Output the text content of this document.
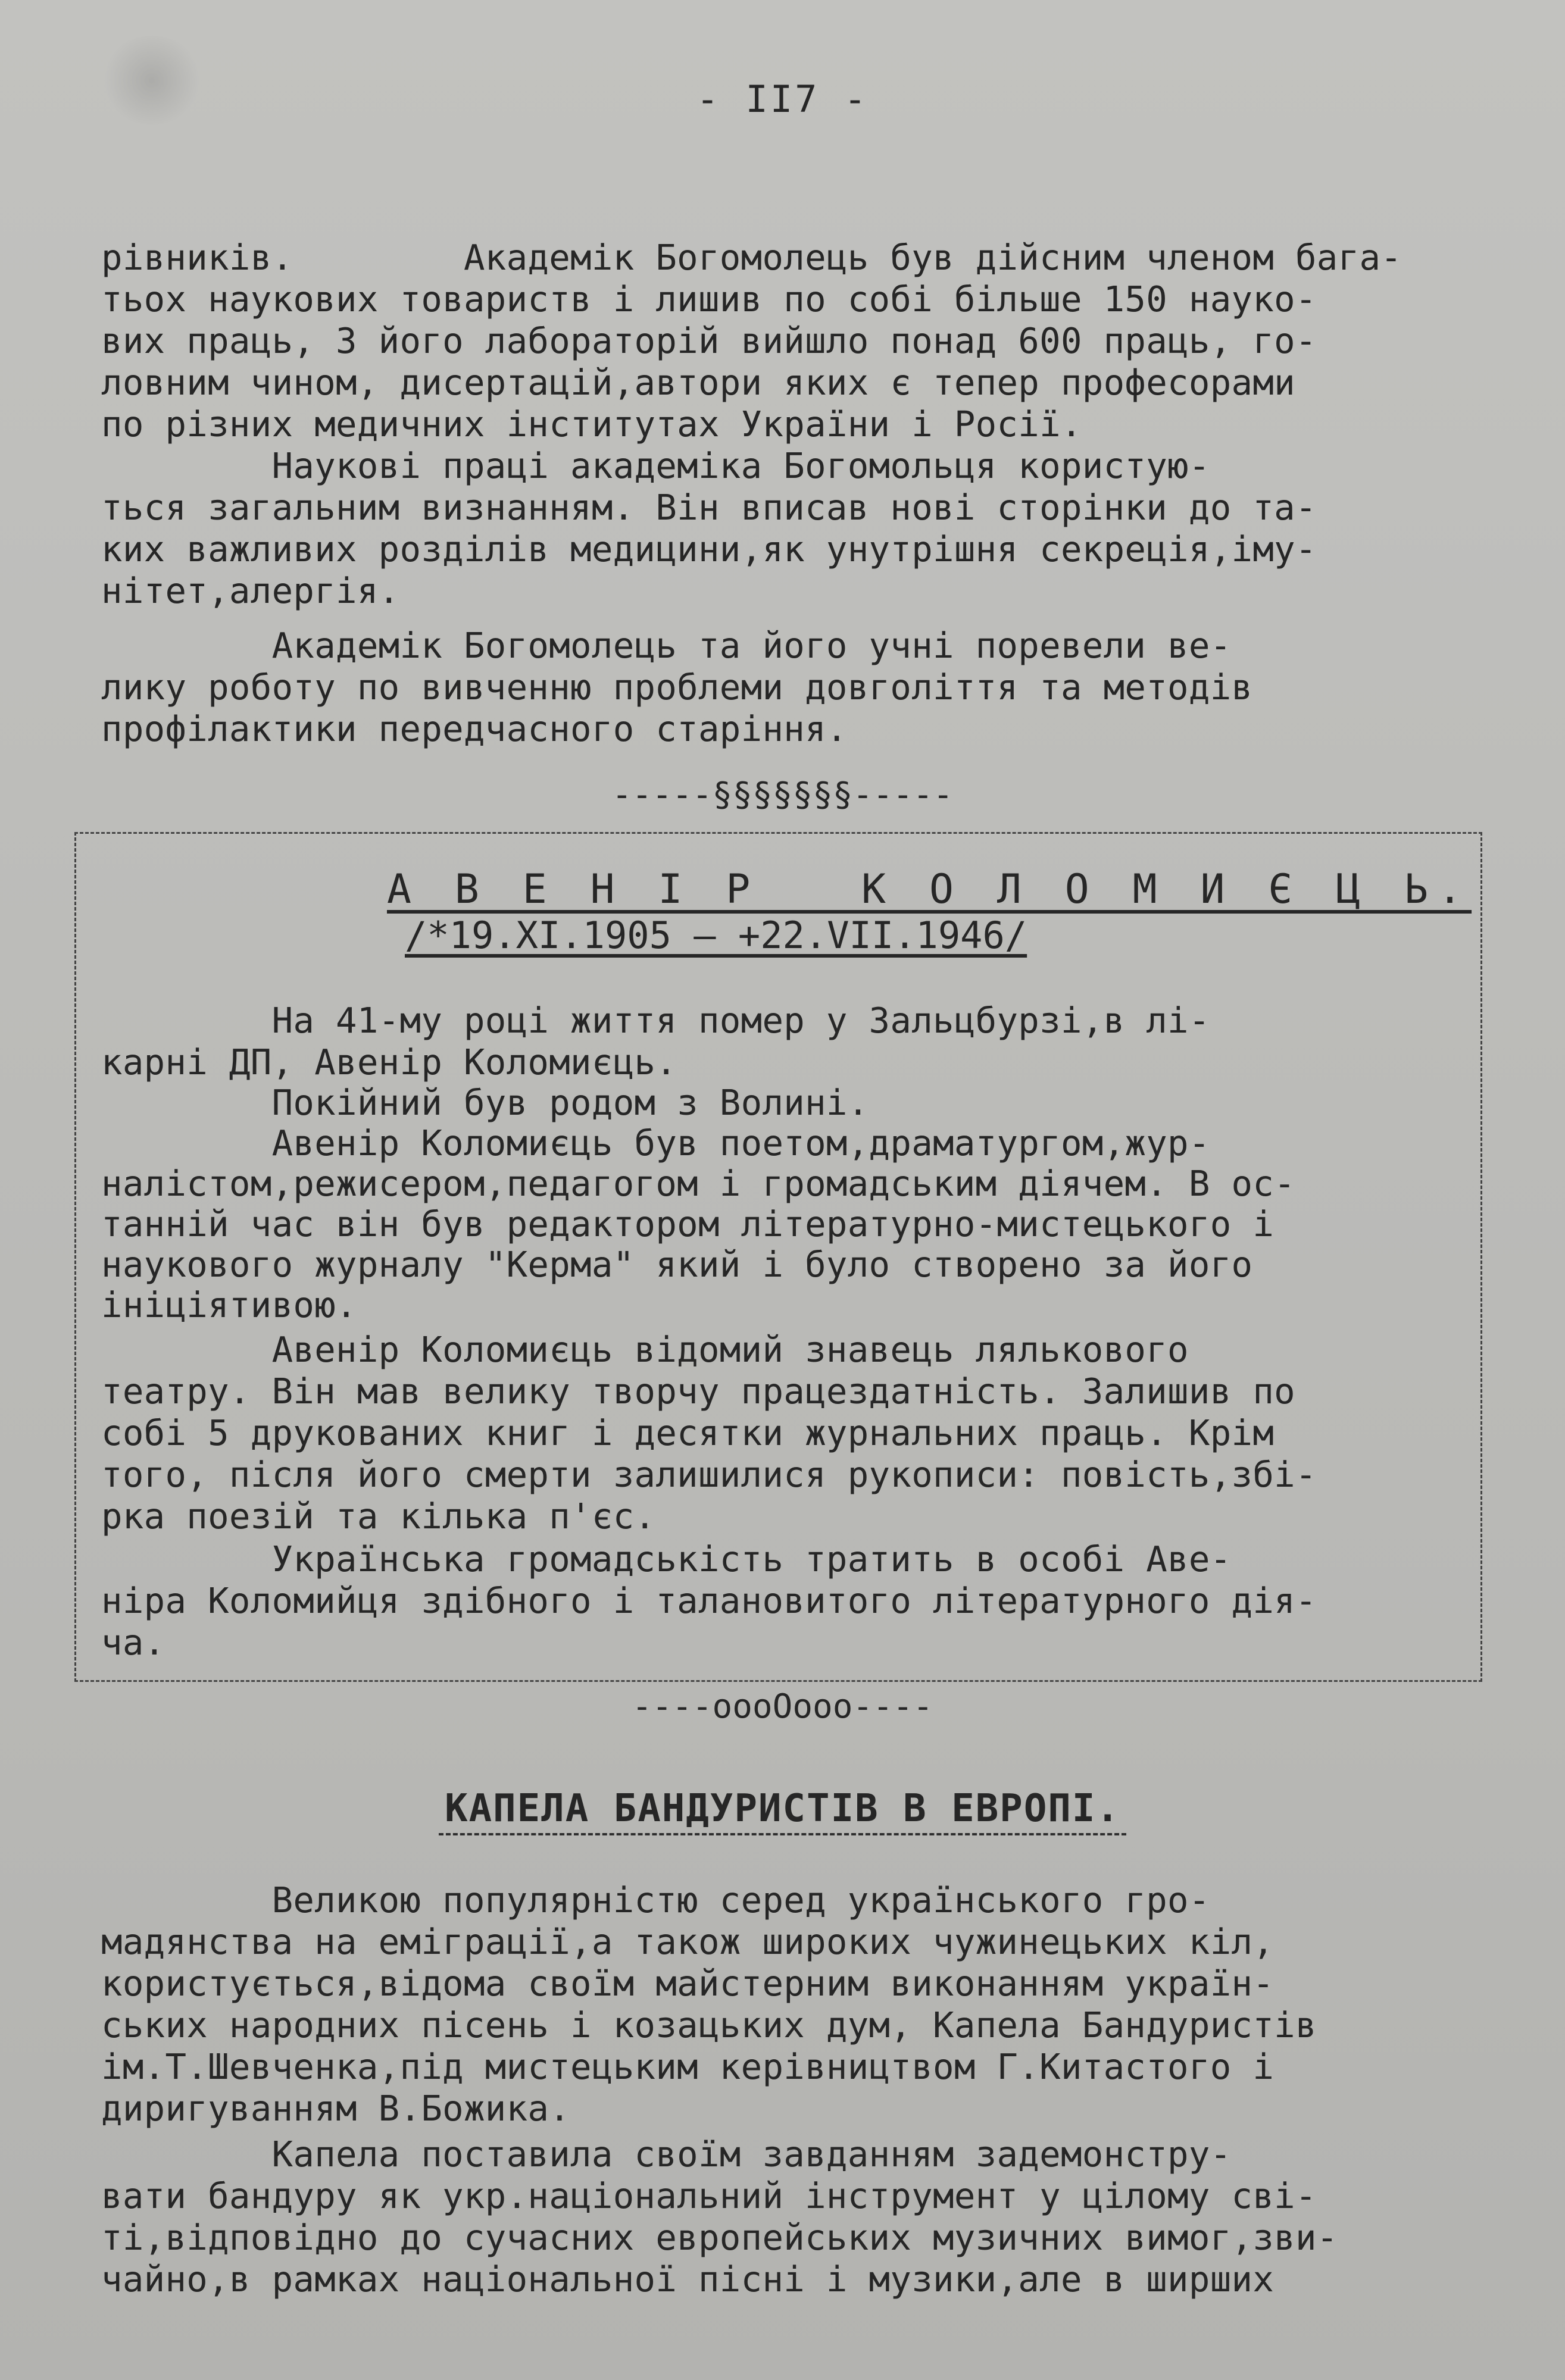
- II7 -
рівників.        Академік Богомолець був дійсним членом бага-
тьох наукових товариств і лишив по собі більше 150 науко-
вих праць, З його лабораторій вийшло понад 600 праць, го-
ловним чином, дисертацій,автори яких є тепер професорами
по різних медичних інститутах України і Росії.
Наукові праці академіка Богомольця користую-
ться загальним визнанням. Він вписав нові сторінки до та-
ких важливих розділів медицини,як унутрішня секреція,іму-
нітет,алергія.
Академік Богомолець та його учні поревели ве-
лику роботу по вивченню проблеми довголіття та методів
профілактики передчасного старіння.
-----§§§§§§§-----
А В Е Н І Р   К О Л О М И Є Ц Ь.
/*19.XI.1905 – +22.VII.1946/
На 41-му році життя помер у Зальцбурзі,в лі-
карні ДП, Авенір Коломиєць.
Покійний був родом з Волині.
Авенір Коломиєць був поетом,драматургом,жур-
налістом,режисером,педагогом і громадським діячем. В ос-
танній час він був редактором літературно-мистецького і
наукового журналу "Керма" який і було створено за його
ініціятивою.
Авенір Коломиєць відомий знавець лялькового
театру. Він мав велику творчу працездатність. Залишив по
собі 5 друкованих книг і десятки журнальних праць. Крім
того, після його смерти залишилися рукописи: повість,збі-
рка поезій та кілька п'єс.
Українська громадськість тратить в особі Аве-
ніра Коломийця здібного і талановитого літературного дія-
ча.
----oooOooo----
КАПЕЛА БАНДУРИСТІВ В ЕВРОПІ.
Великою популярністю серед українського гро-
мадянства на еміграції,а також широких чужинецьких кіл,
користується,відома своїм майстерним виконанням україн-
ських народних пісень і козацьких дум, Капела Бандуристів
ім.Т.Шевченка,під мистецьким керівництвом Г.Китастого і
диригуванням В.Божика.
Капела поставила своїм завданням задемонстру-
вати бандуру як укр.національний інструмент у цілому сві-
ті,відповідно до сучасних европейських музичних вимог,зви-
чайно,в рамках національної пісні і музики,але в ширших
